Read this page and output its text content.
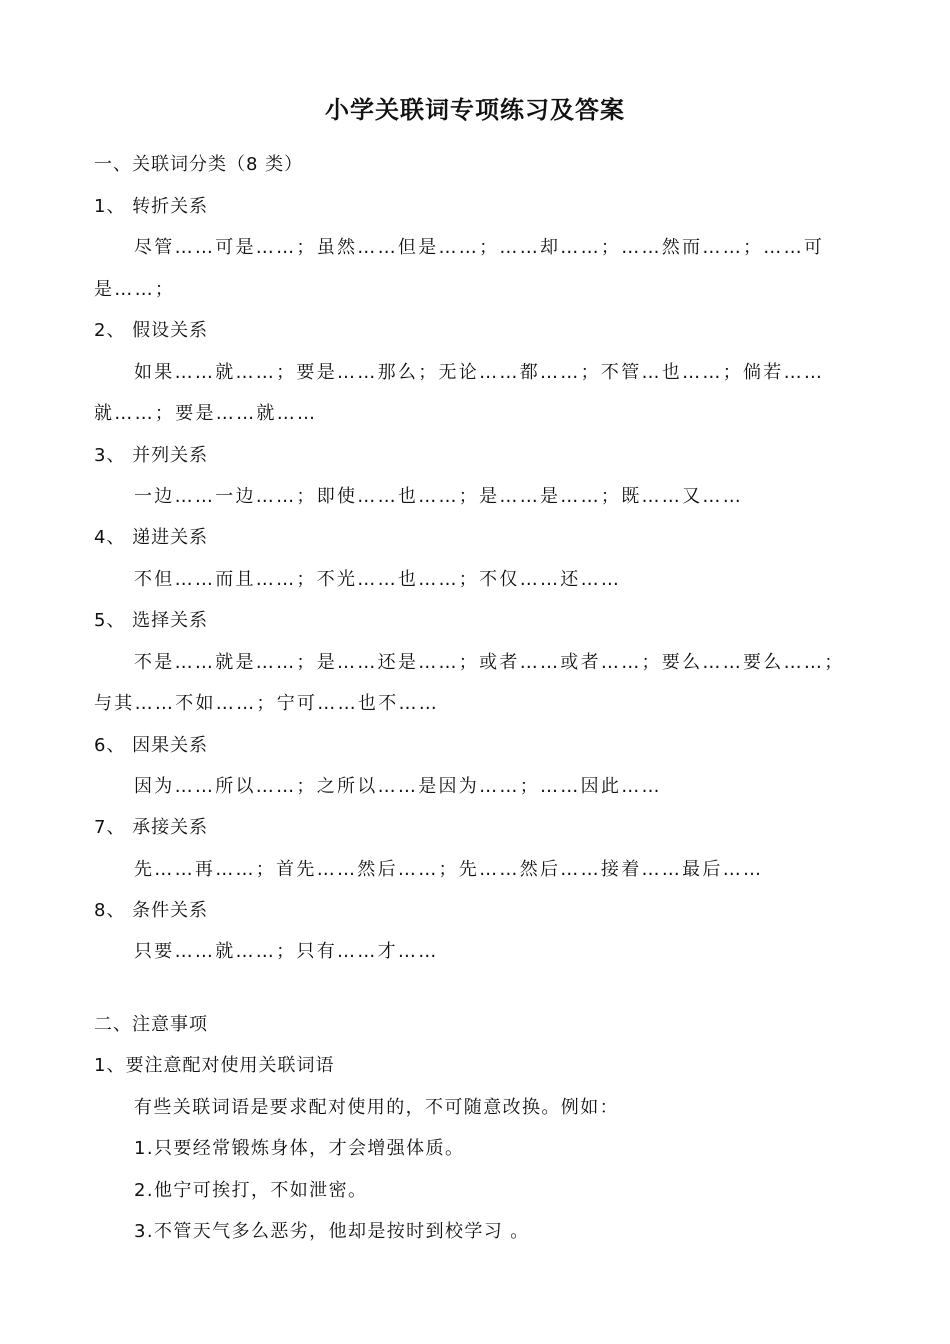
小学关联词专项练习及答案
一、关联词分类（8 类）
1、 转折关系
尽管……可是……；虽然……但是……；……却……；……然而……；……可
是……；
2、 假设关系
如果……就……；要是……那么；无论……都……；不管…也……；倘若……
就……；要是……就……
3、 并列关系
一边……一边……；即使……也……；是……是……；既……又……
4、 递进关系
不但……而且……；不光……也……；不仅……还……
5、 选择关系
不是……就是……；是……还是……；或者……或者……；要么……要么……；
与其……不如……；宁可……也不……
6、 因果关系
因为……所以……；之所以……是因为……；……因此……
7、 承接关系
先……再……；首先……然后……；先……然后……接着……最后……
8、 条件关系
只要……就……；只有……才……
二、注意事项
1、要注意配对使用关联词语
有些关联词语是要求配对使用的，不可随意改换。例如：
1.只要经常锻炼身体，才会增强体质。
2.他宁可挨打，不如泄密。
3.不管天气多么恶劣，他却是按时到校学习 。
